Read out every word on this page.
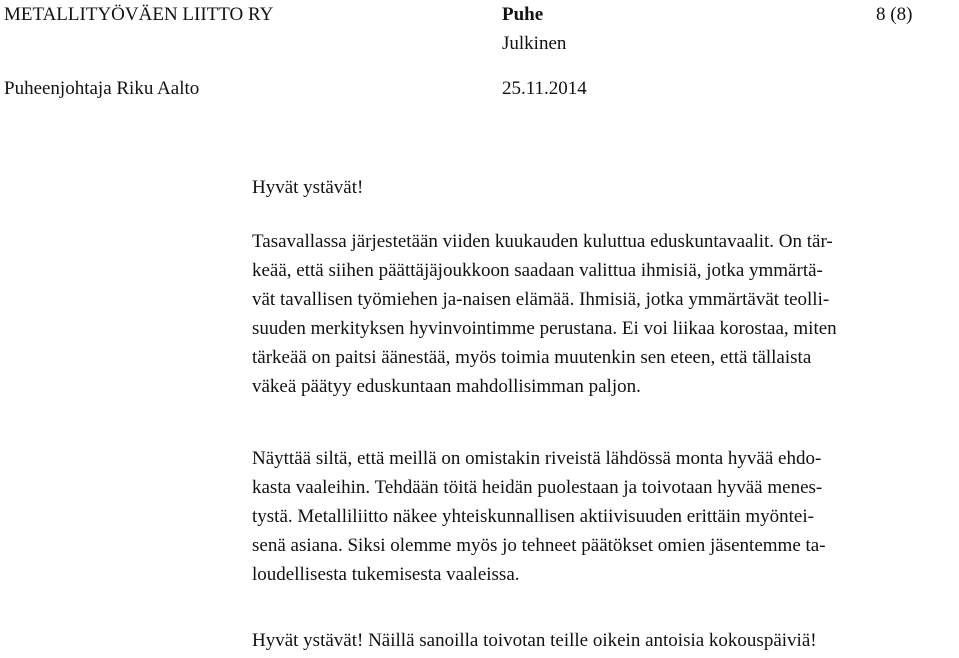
METALLITYÖVÄEN LIITTO RY	Puhe	8 (8)
Julkinen
Puheenjohtaja Riku Aalto	25.11.2014
Hyvät ystävät!
Tasavallassa järjestetään viiden kuukauden kuluttua eduskuntavaalit. On tär-
keää, että siihen päättäjäjoukkoon saadaan valittua ihmisiä, jotka ymmärtä-
vät tavallisen työmiehen ja-naisen elämää. Ihmisiä, jotka ymmärtävät teolli-
suuden merkityksen hyvinvointimme perustana. Ei voi liikaa korostaa, miten
tärkeää on paitsi äänestää, myös toimia muutenkin sen eteen, että tällaista
väkeä päätyy eduskuntaan mahdollisimman paljon.
Näyttää siltä, että meillä on omistakin riveistä lähdössä monta hyvää ehdo-
kasta vaaleihin. Tehdään töitä heidän puolestaan ja toivotaan hyvää menes-
tystä. Metalliliitto näkee yhteiskunnallisen aktiivisuuden erittäin myöntei-
senä asiana. Siksi olemme myös jo tehneet päätökset omien jäsentemme ta-
loudellisesta tukemisesta vaaleissa.
Hyvät ystävät! Näillä sanoilla toivotan teille oikein antoisia kokouspäiviä!
